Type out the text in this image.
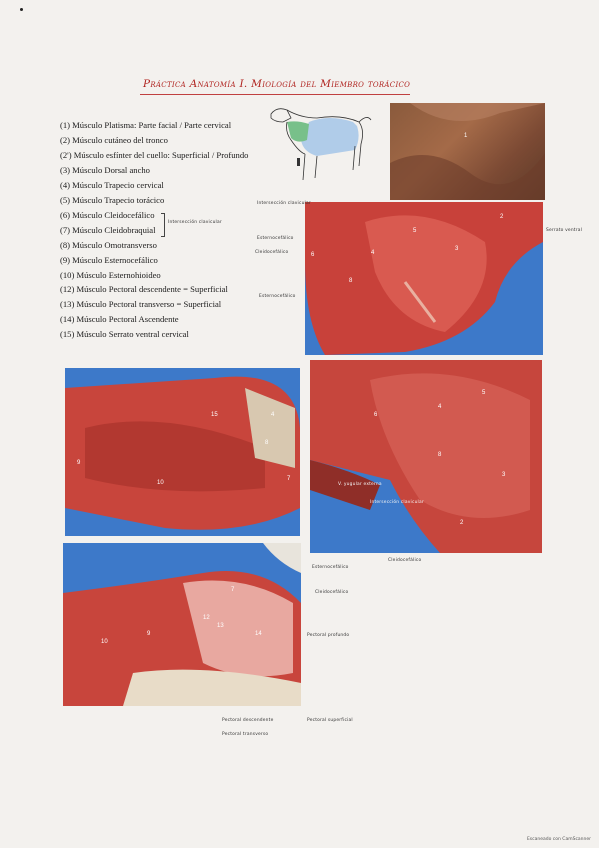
Práctica Anatomía I. Miología del Miembro torácico
(1) Músculo Platisma: Parte facial / Parte cervical
(2) Músculo cutáneo del tronco
(2') Músculo esfínter del cuello: Superficial / Profundo
(3) Músculo Dorsal ancho
(4) Músculo Trapecio cervical
(5) Músculo Trapecio torácico
(6) Músculo Cleidocefálico
(7) Músculo Cleidobraquial
(8) Músculo Omotransverso
(9) Músculo Esternocefálico
(10) Músculo Esternohioideo
(12) Músculo Pectoral descendente = Superficial
(13) Músculo Pectoral transverso = Superficial
(14) Músculo Pectoral Ascendente
(15) Músculo Serrato ventral cervical
1
2
3
4
5
6
8
Intersección clavicular
Intersección clavicular
Esternocefálico
Cleidocefálico
Serrato ventral
Esternocefálico
15	4
8
9
10
7
6
4
5
8
3
2
V. yugular externa
Intersección clavicular
Esternocefálico
Cleidocefálico
7
12
13
14
10
9
Cleidocefálico
Pectoral profundo
Pectoral descendente
Pectoral transverso
Pectoral superficial
Escaneado con CamScanner
